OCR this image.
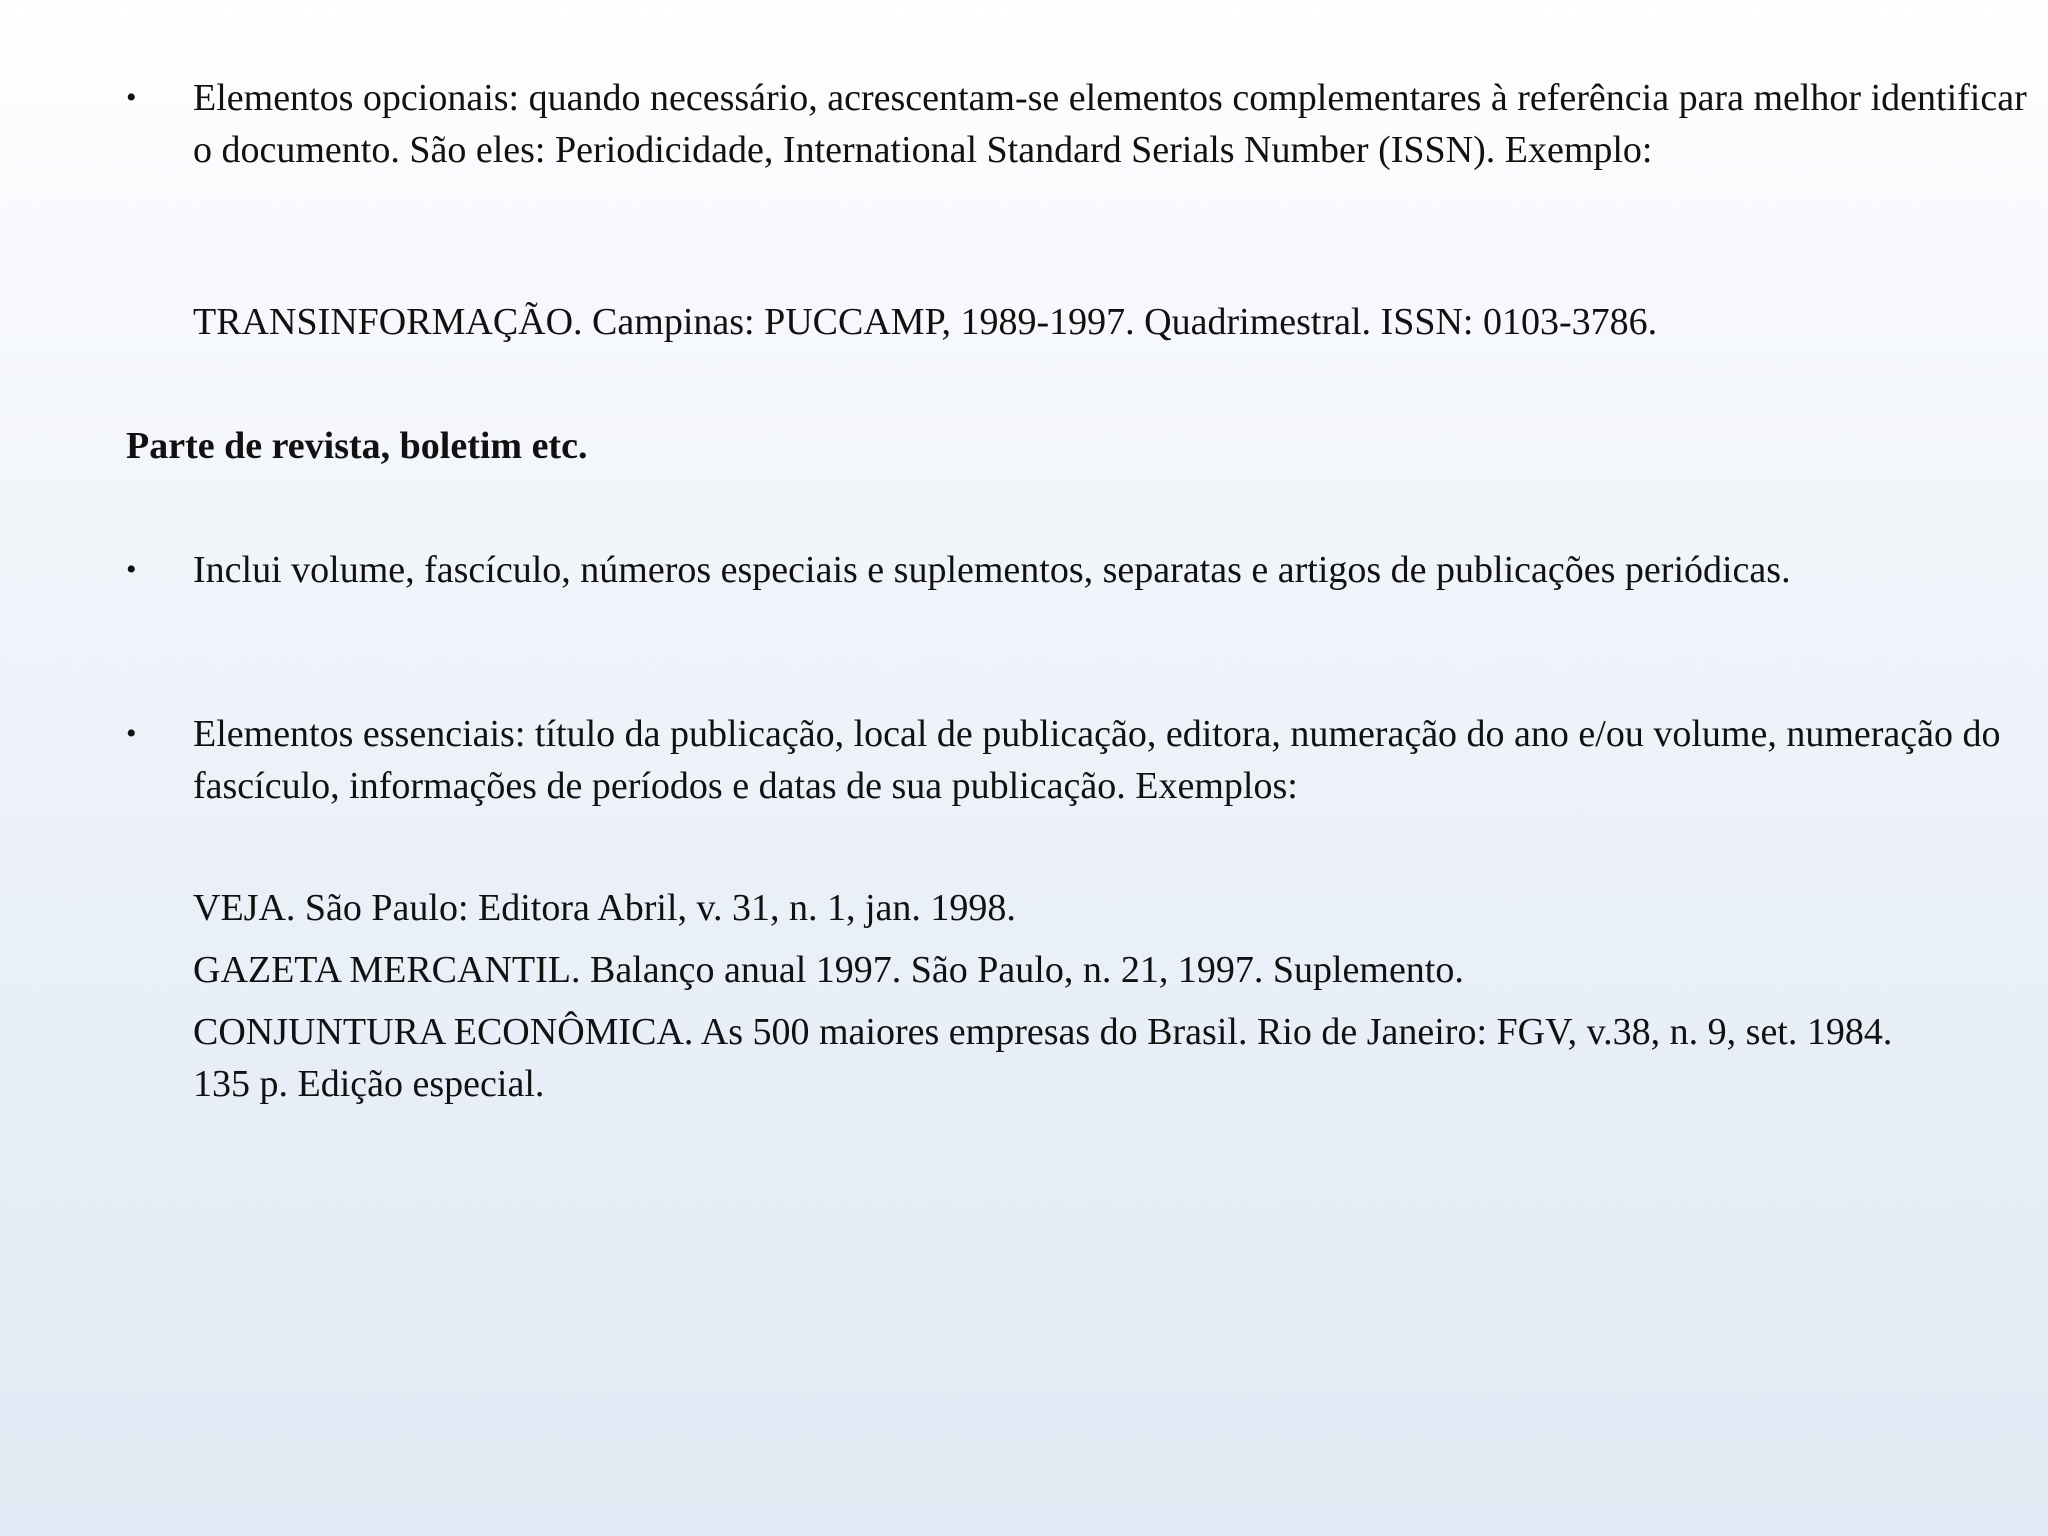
• Elementos opcionais: quando necessário, acrescentam-se elementos complementares à referência para melhor identificar o documento. São eles: Periodicidade, International Standard Serials Number (ISSN). Exemplo:
TRANSINFORMAÇÃO. Campinas: PUCCAMP, 1989-1997. Quadrimestral. ISSN: 0103-3786.
Parte de revista, boletim etc.
• Inclui volume, fascículo, números especiais e suplementos, separatas e artigos de publicações periódicas.
• Elementos essenciais: título da publicação, local de publicação, editora, numeração do ano e/ou volume, numeração do fascículo, informações de períodos e datas de sua publicação. Exemplos:
VEJA. São Paulo: Editora Abril, v. 31, n. 1, jan. 1998.
GAZETA MERCANTIL. Balanço anual 1997. São Paulo, n. 21, 1997. Suplemento.
CONJUNTURA ECONÔMICA. As 500 maiores empresas do Brasil. Rio de Janeiro: FGV, v.38, n. 9, set. 1984. 135 p. Edição especial.
